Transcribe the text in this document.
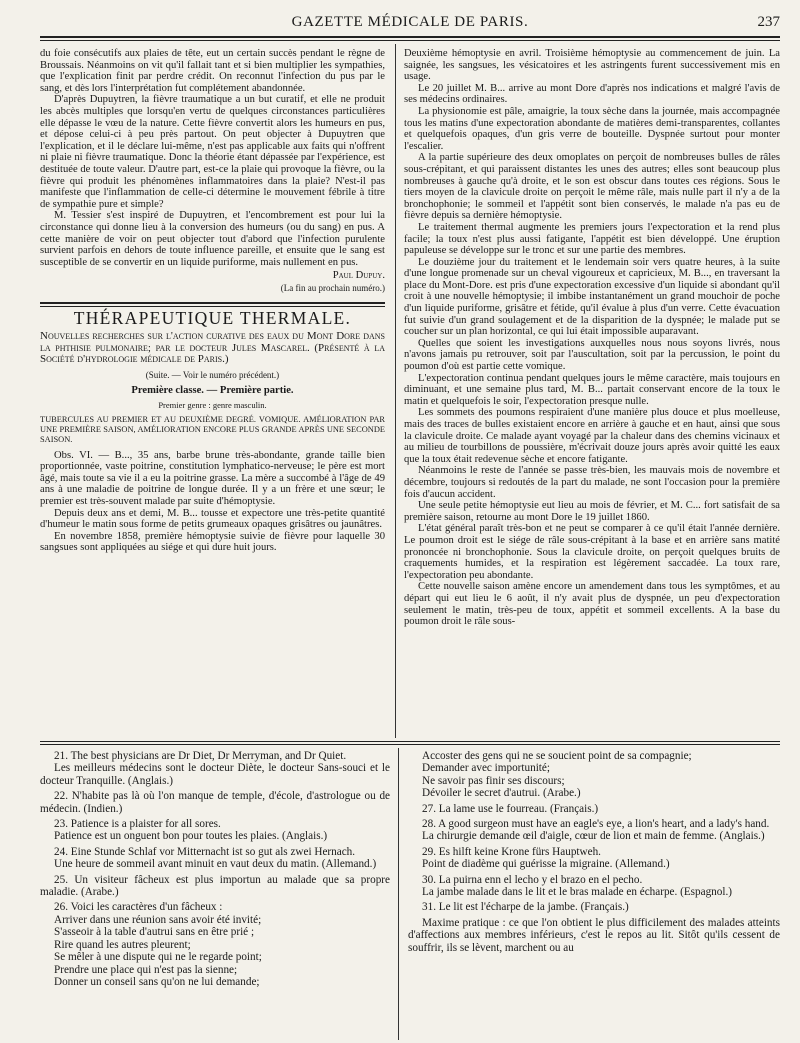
GAZETTE MÉDICALE DE PARIS.	237

du foie consécutifs aux plaies de tête, eut un certain succès pendant le règne de Broussais. Néanmoins on vit qu'il fallait tant et si bien multiplier les sympathies, que l'explication finit par perdre crédit. On reconnut l'infection du pus par le sang, et dès lors l'interprétation fut complétement abandonnée.

D'après Dupuytren, la fièvre traumatique a un but curatif, et elle ne produit les abcès multiples que lorsqu'en vertu de quelques circonstances particulières elle dépasse le vœu de la nature. Cette fièvre convertit alors les humeurs en pus, et dépose celui-ci à peu près partout. On peut objecter à Dupuytren que l'explication, et il le déclare lui-même, n'est pas applicable aux faits qui n'offrent ni plaie ni fièvre traumatique. Donc la théorie étant dépassée par l'expérience, est destituée de toute valeur. D'autre part, est-ce la plaie qui provoque la fièvre, ou la fièvre qui produit les phénomènes inflammatoires dans la plaie? N'est-il pas manifeste que l'inflammation de celle-ci détermine le mouvement fébrile à titre de sympathie pure et simple?

M. Tessier s'est inspiré de Dupuytren, et l'encombrement est pour lui la circonstance qui donne lieu à la conversion des humeurs (ou du sang) en pus. A cette manière de voir on peut objecter tout d'abord que l'infection purulente survient parfois en dehors de toute influence pareille, et ensuite que le sang est susceptible de se convertir en un liquide puriforme, mais nullement en pus.

Paul Dupuy.
(La fin au prochain numéro.)
THÉRAPEUTIQUE THERMALE.

Nouvelles recherches sur l'action curative des eaux du Mont Dore dans la phthisie pulmonaire; par le docteur Jules Mascarel. (Présenté à la Société d'hydrologie médicale de Paris.)

(Suite. — Voir le numéro précédent.)
Première classe. — Première partie.
Premier genre : genre masculin.

TUBERCULES AU PREMIER ET AU DEUXIÈME DEGRÉ. VOMIQUE. AMÉLIORATION PAR UNE PREMIÈRE SAISON, AMÉLIORATION ENCORE PLUS GRANDE APRÈS UNE SECONDE SAISON.

Obs. VI. — B..., 35 ans, barbe brune très-abondante, grande taille bien proportionnée, vaste poitrine, constitution lymphatico-nerveuse; le père est mort âgé, mais toute sa vie il a eu la poitrine grasse. La mère a succombé à l'âge de 49 ans à une maladie de poitrine de longue durée. Il y a un frère et une sœur; le premier est très-souvent malade par suite d'hémoptysie.

Depuis deux ans et demi, M. B... tousse et expectore une très-petite quantité d'humeur le matin sous forme de petits grumeaux opaques grisâtres ou jaunâtres.

En novembre 1858, première hémoptysie suivie de fièvre pour laquelle 30 sangsues sont appliquées au siége et qui dure huit jours.

Deuxième hémoptysie en avril. Troisième hémoptysie au commencement de juin. La saignée, les sangsues, les vésicatoires et les astringents furent successivement mis en usage.

Le 20 juillet M. B... arrive au mont Dore d'après nos indications et malgré l'avis de ses médecins ordinaires.

La physionomie est pâle, amaigrie, la toux sèche dans la journée, mais accompagnée tous les matins d'une expectoration abondante de matières demi-transparentes, collantes et quelquefois opaques, d'un gris verre de bouteille. Dyspnée surtout pour monter l'escalier.

A la partie supérieure des deux omoplates on perçoit de nombreuses bulles de râles sous-crépitant, et qui paraissent distantes les unes des autres; elles sont beaucoup plus nombreuses à gauche qu'à droite, et le son est obscur dans toutes ces régions. Sous le tiers moyen de la clavicule droite on perçoit le même râle, mais nulle part il n'y a de la bronchophonie; le sommeil et l'appétit sont bien conservés, le malade n'a pas eu de fièvre depuis sa dernière hémoptysie.

Le traitement thermal augmente les premiers jours l'expectoration et la rend plus facile; la toux n'est plus aussi fatigante, l'appétit est bien développé. Une éruption papuleuse se développe sur le tronc et sur une partie des membres.

Le douzième jour du traitement et le lendemain soir vers quatre heures, à la suite d'une longue promenade sur un cheval vigoureux et capricieux, M. B..., en traversant la place du Mont-Dore. est pris d'une expectoration excessive d'un liquide si abondant qu'il croit à une nouvelle hémoptysie; il imbibe instantanément un grand mouchoir de poche d'un liquide puriforme, grisâtre et fétide, qu'il évalue à plus d'un verre. Cette évacuation fut suivie d'un grand soulagement et de la disparition de la dyspnée; le malade put se coucher sur un plan horizontal, ce qui lui était impossible auparavant.

Quelles que soient les investigations auxquelles nous nous soyons livrés, nous n'avons jamais pu retrouver, soit par l'auscultation, soit par la percussion, le point du poumon d'où est partie cette vomique.

L'expectoration continua pendant quelques jours le même caractère, mais toujours en diminuant, et une semaine plus tard, M. B... partait conservant encore de la toux le matin et quelquefois le soir, l'expectoration presque nulle.

Les sommets des poumons respiraient d'une manière plus douce et plus moelleuse, mais des traces de bulles existaient encore en arrière à gauche et en haut, ainsi que sous la clavicule droite. Ce malade ayant voyagé par la chaleur dans des chemins vicinaux et au milieu de tourbillons de poussière, m'écrivait douze jours après avoir quitté les eaux que la toux était redevenue sèche et encore fatigante.

Néanmoins le reste de l'année se passe très-bien, les mauvais mois de novembre et décembre, toujours si redoutés de la part du malade, ne sont l'occasion pour la première fois d'aucun accident.

Une seule petite hémoptysie eut lieu au mois de février, et M. C... fort satisfait de sa première saison, retourne au mont Dore le 19 juillet 1860.

L'état général paraît très-bon et ne peut se comparer à ce qu'il était l'année dernière. Le poumon droit est le siége de râle sous-crépitant à la base et en arrière sans matité prononcée ni bronchophonie. Sous la clavicule droite, on perçoit quelques bruits de craquements humides, et la respiration est légèrement saccadée. La toux rare, l'expectoration peu abondante.

Cette nouvelle saison amène encore un amendement dans tous les symptômes, et au départ qui eut lieu le 6 août, il n'y avait plus de dyspnée, un peu d'expectoration seulement le matin, très-peu de toux, appétit et sommeil excellents. A la base du poumon droit le râle sous-

21. The best physicians are Dr Diet, Dr Merryman, and Dr Quiet.

Les meilleurs médecins sont le docteur Diète, le docteur Sans-souci et le docteur Tranquille. (Anglais.)

22. N'habite pas là où l'on manque de temple, d'école, d'astrologue ou de médecin. (Indien.)

23. Patience is a plaister for all sores.

Patience est un onguent bon pour toutes les plaies. (Anglais.)

24. Eine Stunde Schlaf vor Mitternacht ist so gut als zwei Hernach.

Une heure de sommeil avant minuit en vaut deux du matin. (Allemand.)

25. Un visiteur fâcheux est plus importun au malade que sa propre maladie. (Arabe.)

26. Voici les caractères d'un fâcheux :

Arriver dans une réunion sans avoir été invité;

S'asseoir à la table d'autrui sans en être prié ;

Rire quand les autres pleurent;

Se mêler à une dispute qui ne le regarde point;

Prendre une place qui n'est pas la sienne;

Donner un conseil sans qu'on ne lui demande;

Accoster des gens qui ne se soucient point de sa compagnie;

Demander avec importunité;

Ne savoir pas finir ses discours;

Dévoiler le secret d'autrui. (Arabe.)

27. La lame use le fourreau. (Français.)

28. A good surgeon must have an eagle's eye, a lion's heart, and a lady's hand.

La chirurgie demande œil d'aigle, cœur de lion et main de femme. (Anglais.)

29. Es hilft keine Krone fürs Hauptweh.

Point de diadème qui guérisse la migraine. (Allemand.)

30. La puirna enn el lecho y el brazo en el pecho.

La jambe malade dans le lit et le bras malade en écharpe. (Espagnol.)

31. Le lit est l'écharpe de la jambe. (Français.)

Maxime pratique : ce que l'on obtient le plus difficilement des malades atteints d'affections aux membres inférieurs, c'est le repos au lit. Sitôt qu'ils cessent de souffrir, ils se lèvent, marchent ou au
